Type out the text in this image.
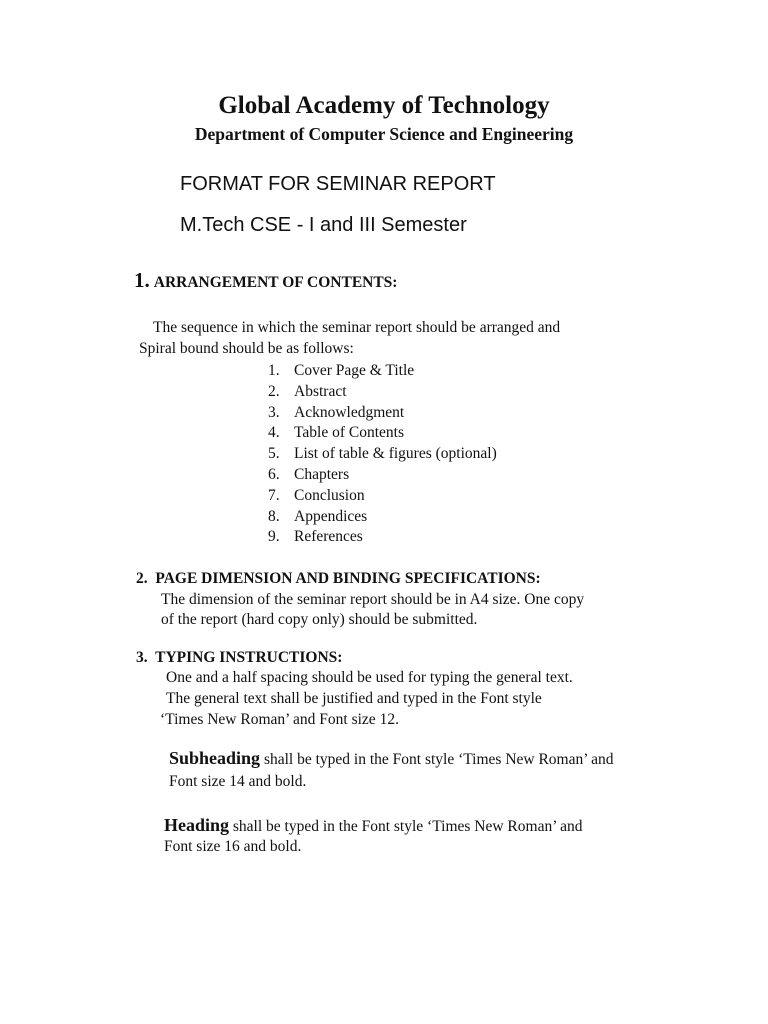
Global Academy of Technology
Department of Computer Science and Engineering
FORMAT FOR SEMINAR REPORT
M.Tech CSE - I and III Semester
1. ARRANGEMENT OF CONTENTS:
The sequence in which the seminar report should be arranged and
Spiral bound should be as follows:
1. Cover Page & Title
2. Abstract
3. Acknowledgment
4. Table of Contents
5. List of table & figures (optional)
6. Chapters
7. Conclusion
8. Appendices
9. References
2. PAGE DIMENSION AND BINDING SPECIFICATIONS:
The dimension of the seminar report should be in A4 size. One copy
of the report (hard copy only) should be submitted.
3. TYPING INSTRUCTIONS:
One and a half spacing should be used for typing the general text.
The general text shall be justified and typed in the Font style
‘Times New Roman’ and Font size 12.
Subheading shall be typed in the Font style ‘Times New Roman’ and
Font size 14 and bold.
Heading shall be typed in the Font style ‘Times New Roman’ and
Font size 16 and bold.
